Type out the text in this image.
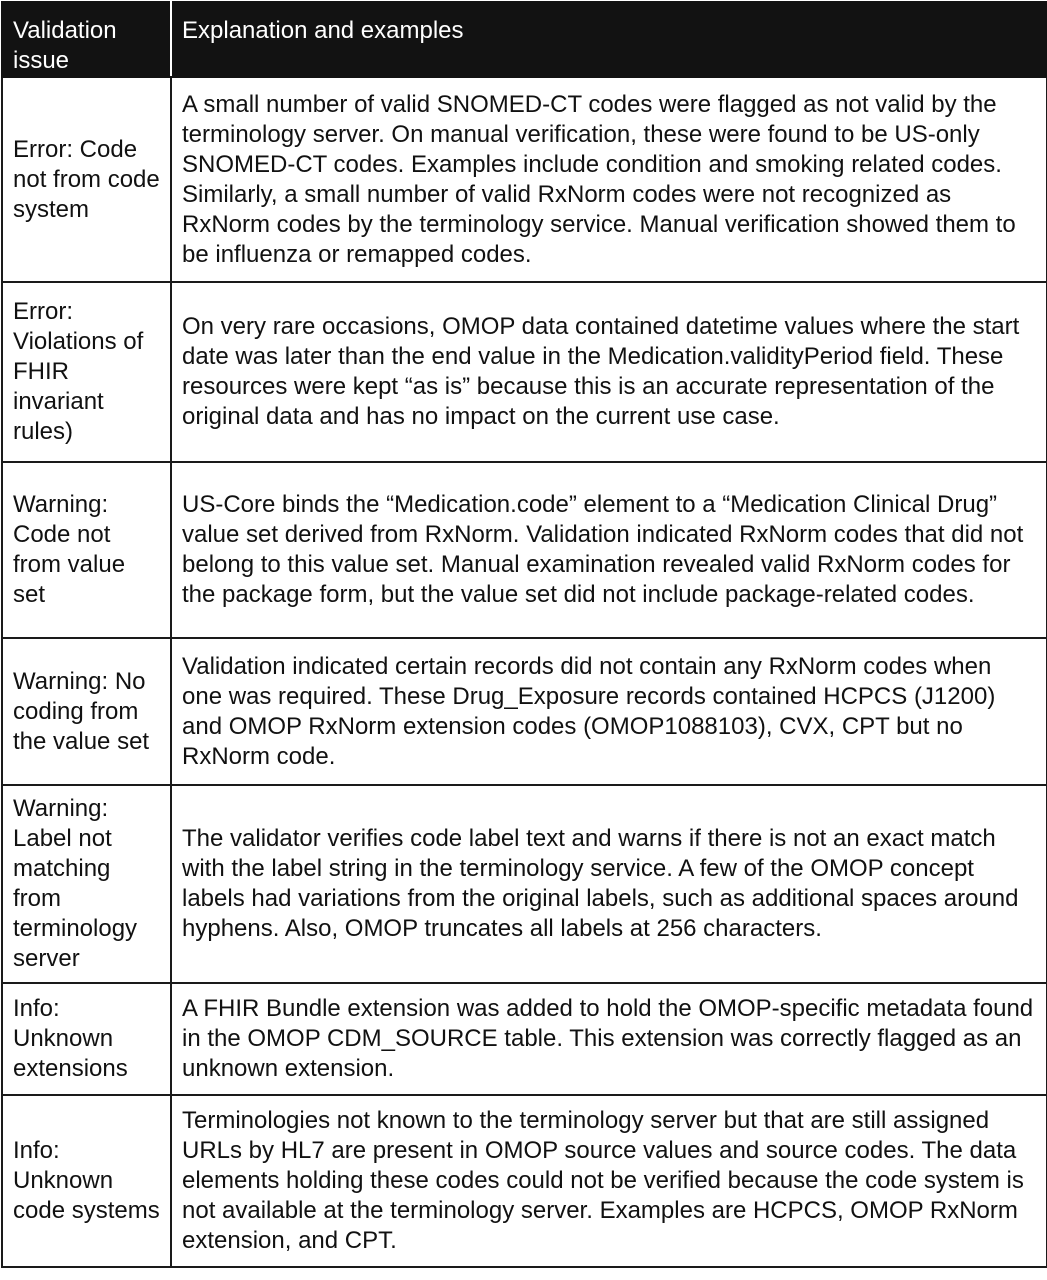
Validation issue	Explanation and examples
Error: Code not from code system	A small number of valid SNOMED-CT codes were flagged as not valid by the terminology server. On manual verification, these were found to be US-only SNOMED-CT codes. Examples include condition and smoking related codes. Similarly, a small number of valid RxNorm codes were not recognized as RxNorm codes by the terminology service. Manual verification showed them to be influenza or remapped codes.
Error: Violations of FHIR invariant rules)	On very rare occasions, OMOP data contained datetime values where the start date was later than the end value in the Medication.validityPeriod field. These resources were kept “as is” because this is an accurate representation of the original data and has no impact on the current use case.
Warning: Code not from value set	US-Core binds the “Medication.code” element to a “Medication Clinical Drug” value set derived from RxNorm. Validation indicated RxNorm codes that did not belong to this value set. Manual examination revealed valid RxNorm codes for the package form, but the value set did not include package-related codes.
Warning: No coding from the value set	Validation indicated certain records did not contain any RxNorm codes when one was required. These Drug_Exposure records contained HCPCS (J1200) and OMOP RxNorm extension codes (OMOP1088103), CVX, CPT but no RxNorm code.
Warning: Label not matching from terminology server	The validator verifies code label text and warns if there is not an exact match with the label string in the terminology service. A few of the OMOP concept labels had variations from the original labels, such as additional spaces around hyphens. Also, OMOP truncates all labels at 256 characters.
Info: Unknown extensions	A FHIR Bundle extension was added to hold the OMOP-specific metadata found in the OMOP CDM_SOURCE table. This extension was correctly flagged as an unknown extension.
Info: Unknown code systems	Terminologies not known to the terminology server but that are still assigned URLs by HL7 are present in OMOP source values and source codes. The data elements holding these codes could not be verified because the code system is not available at the terminology server. Examples are HCPCS, OMOP RxNorm extension, and CPT.
